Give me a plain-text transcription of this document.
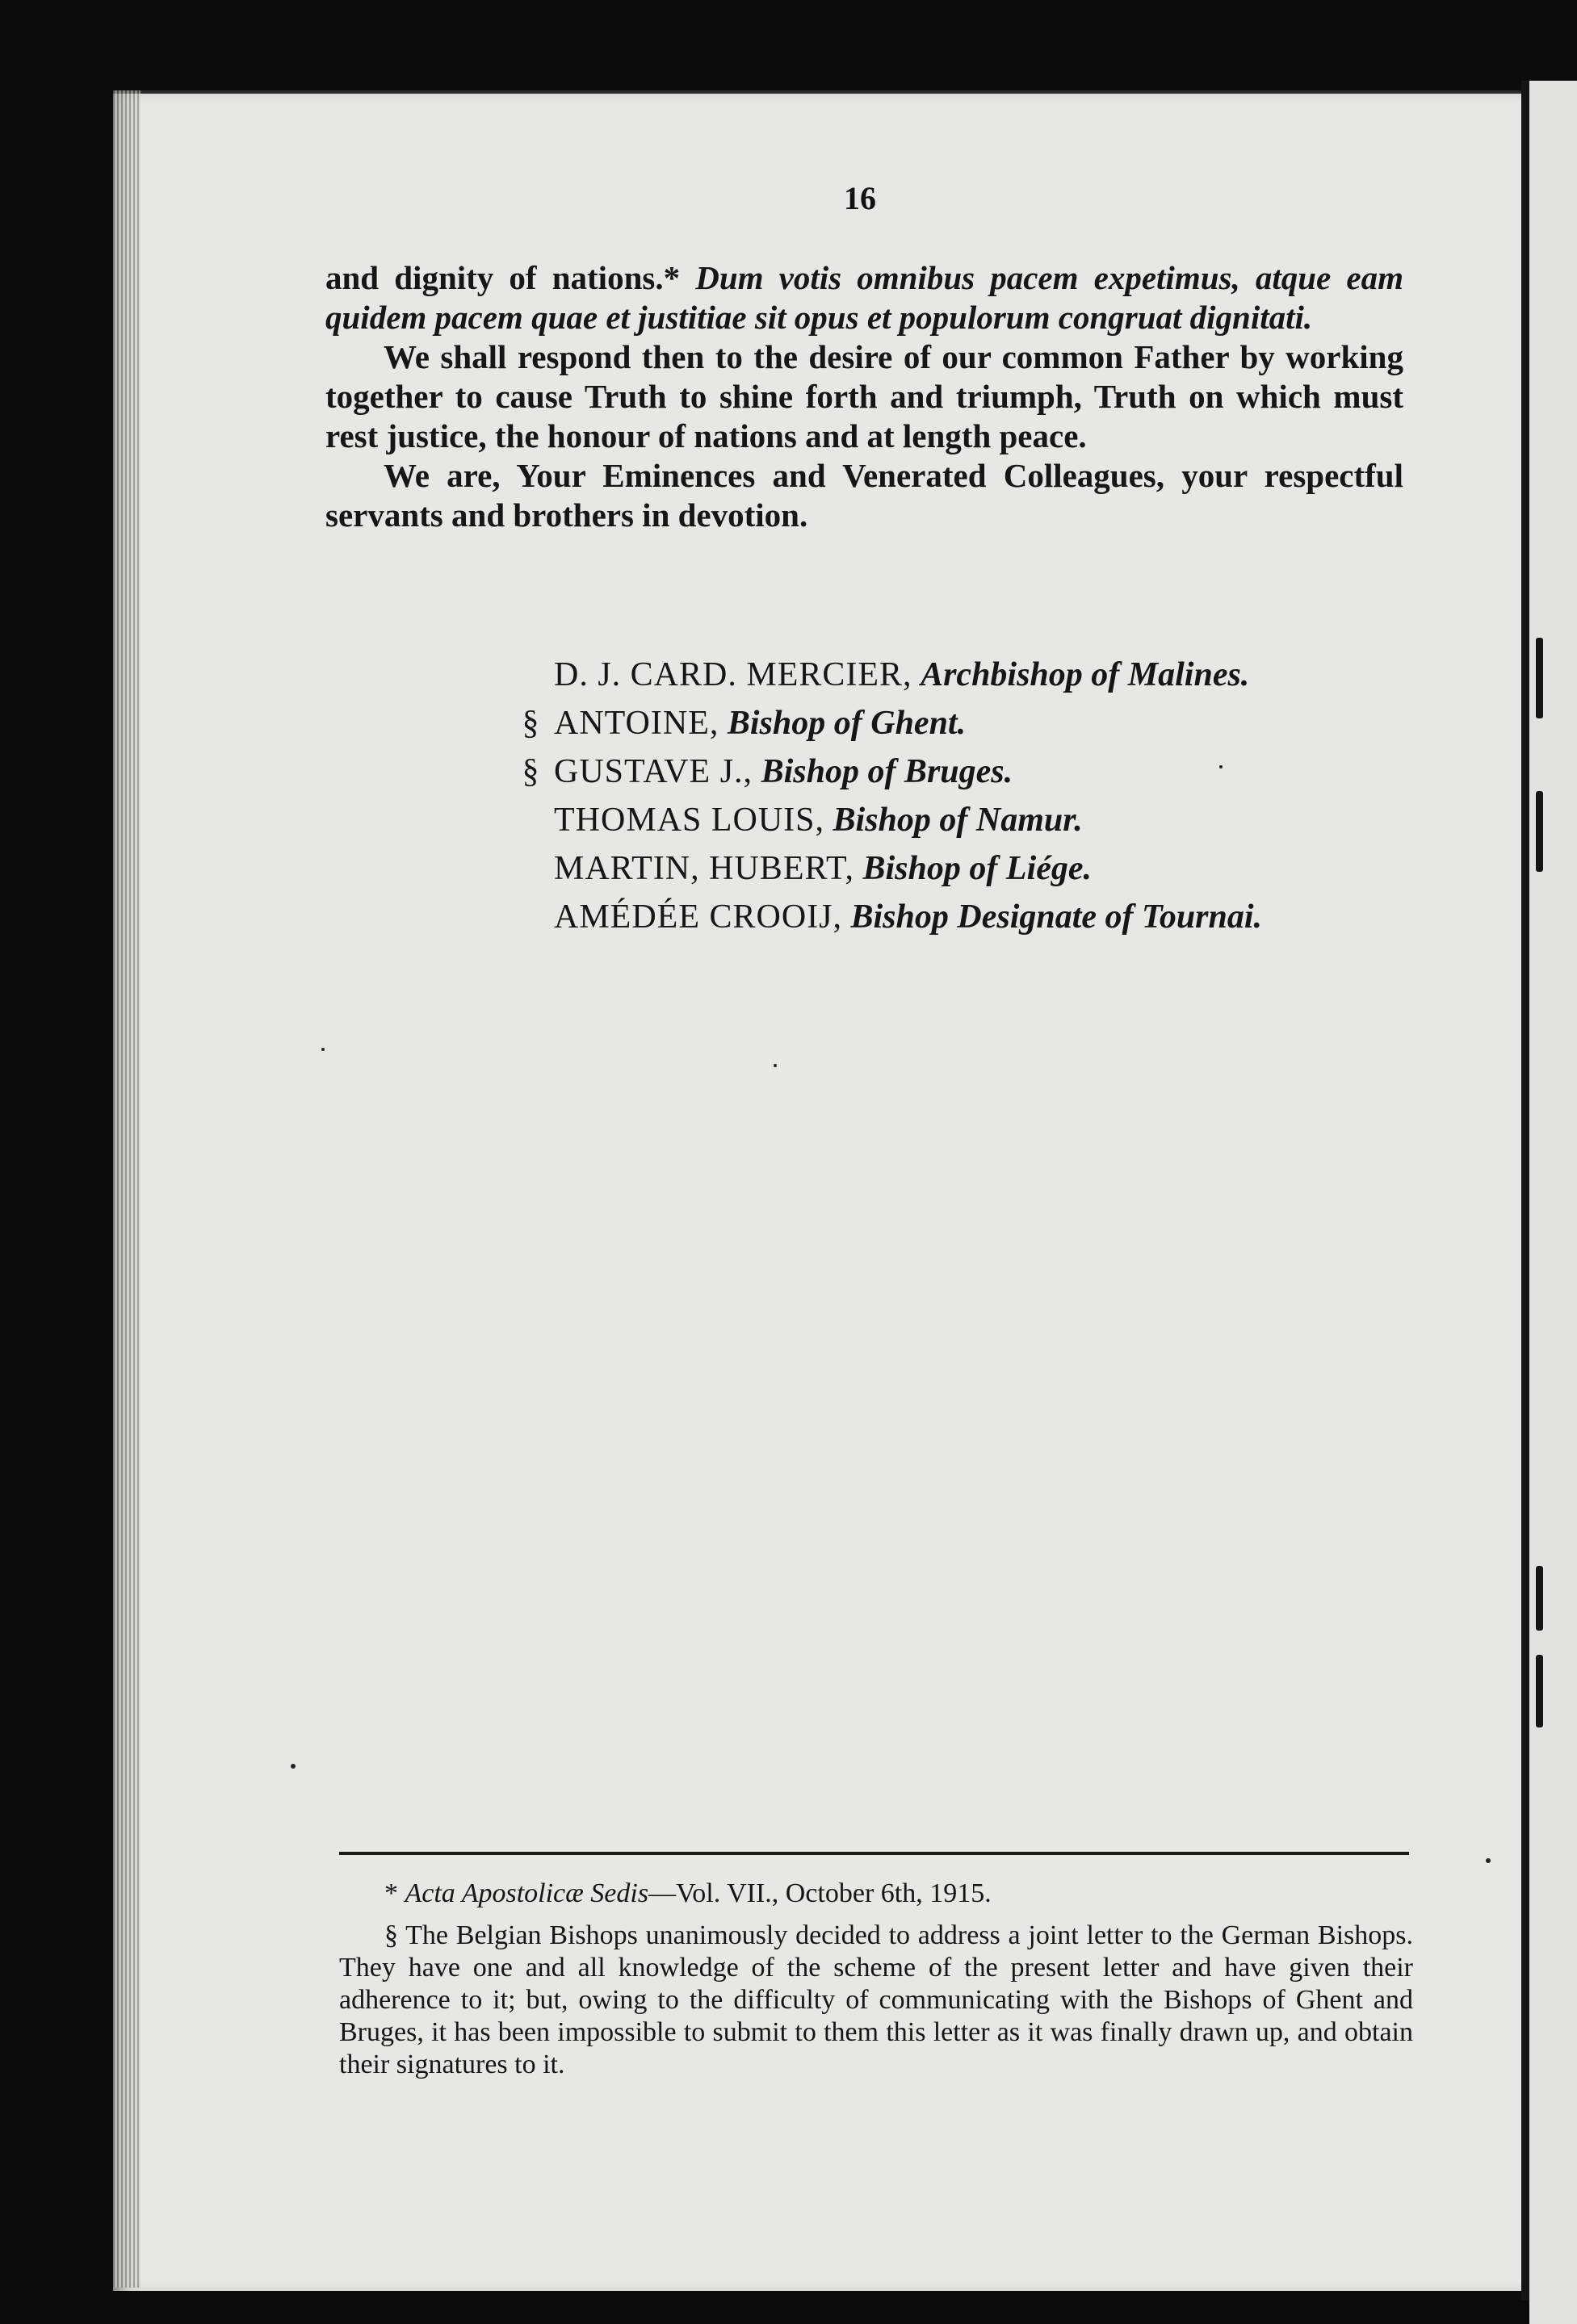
16

and dignity of nations.* Dum votis omnibus pacem expetimus, atque eam quidem pacem quae et justitiae sit opus et populorum congruat dignitati.

We shall respond then to the desire of our common Father by working together to cause Truth to shine forth and triumph, Truth on which must rest justice, the honour of nations and at length peace.

We are, Your Eminences and Venerated Colleagues, your respectful servants and brothers in devotion.

D. J. CARD. MERCIER,
Archbishop of Malines.
§ ANTOINE,
Bishop of Ghent.
§ GUSTAVE J.,
Bishop of Bruges.
THOMAS LOUIS,
Bishop of Namur.
MARTIN, HUBERT,
Bishop of Liége.
AMÉDÉE CROOIJ,
Bishop Designate of Tournai.

* Acta Apostolicæ Sedis—Vol. VII., October 6th, 1915.

§ The Belgian Bishops unanimously decided to address a joint letter to the German Bishops. They have one and all knowledge of the scheme of the present letter and have given their adherence to it; but, owing to the difficulty of communicating with the Bishops of Ghent and Bruges, it has been impossible to submit to them this letter as it was finally drawn up, and obtain their signatures to it.
